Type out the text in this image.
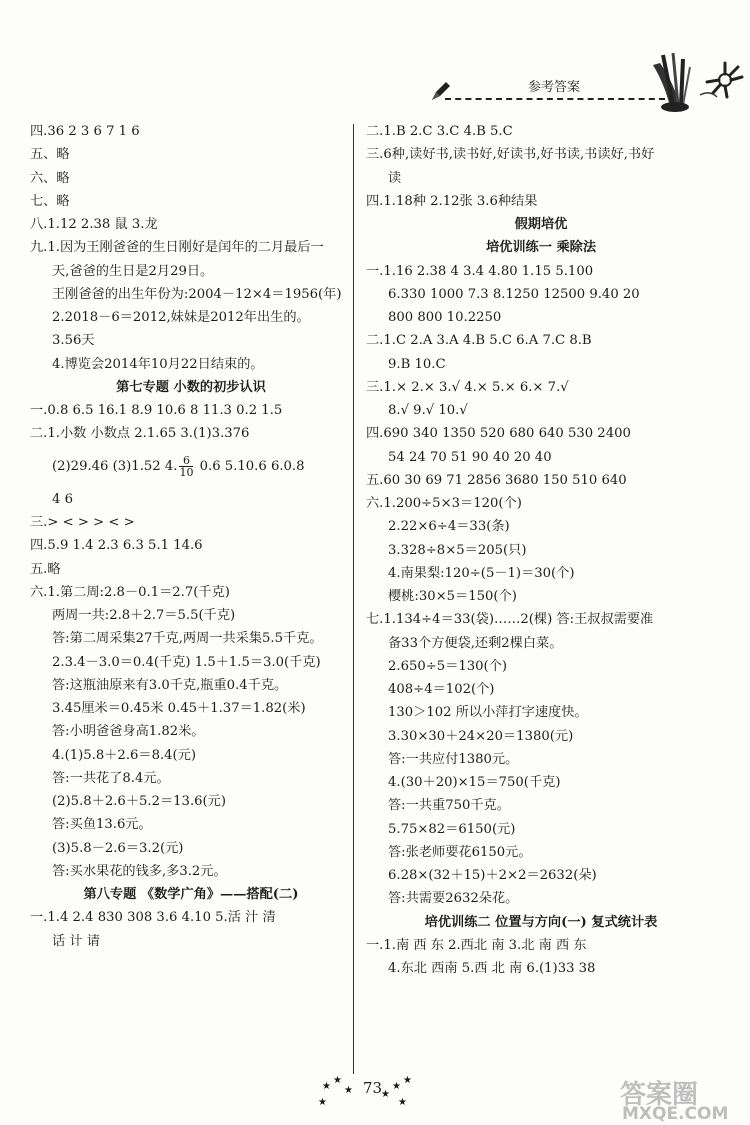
参考答案
四.36 2 3 6 7 1 6
五、略
六、略
七、略
八.1.12 2.38 鼠 3.龙
九.1.因为王刚爸爸的生日刚好是闰年的二月最后一
天,爸爸的生日是2月29日。
王刚爸爸的出生年份为:2004－12×4＝1956(年)
2.2018－6＝2012,妹妹是2012年出生的。
3.56天
4.博览会2014年10月22日结束的。
第七专题 小数的初步认识
一.0.8 6.5 16.1 8.9 10.6 8 11.3 0.2 1.5
二.1.小数 小数点 2.1.65 3.(1)3.376
(2)29.46 (3)1.52 4. $\frac{6}{10} 0.6$ 5.10.6 6.0.8
4 6
三.> < > > < >
四.5.9 1.4 2.3 6.3 5.1 14.6
五.略
六.1.第二周:2.8－0.1＝2.7(千克)
两周一共:2.8＋2.7＝5.5(千克)
答:第二周采集27千克,两周一共采集5.5千克。
2.3.4－3.0＝0.4(千克) 1.5＋1.5＝3.0(千克)
答:这瓶油原来有3.0千克,瓶重0.4千克。
3.45厘米＝0.45米 0.45＋1.37＝1.82(米)
答:小明爸爸身高1.82米。
4.(1)5.8＋2.6＝8.4(元)
答:一共花了8.4元。
(2)5.8＋2.6＋5.2＝13.6(元)
答:买鱼13.6元。
(3)5.8－2.6＝3.2(元)
答:买水果花的钱多,多3.2元。
第八专题 《数学广角》——搭配(二)
一.1.4 2.4 830 308 3.6 4.10 5.活 汁 清
话 计 请
二.1.B 2.C 3.C 4.B 5.C
三.6种,读好书,读书好,好读书,好书读,书读好,书好
读
四.1.18种 2.12张 3.6种结果
假期培优
培优训练一 乘除法
一.1.16 2.38 4 3.4 4.80 1.15 5.100
6.330 1000 7.3 8.1250 12500 9.40 20
800 800 10.2250
二.1.C 2.A 3.A 4.B 5.C 6.A 7.C 8.B
9.B 10.C
三.1.× 2.× 3.√ 4.× 5.× 6.× 7.√
8.√ 9.√ 10.√
四.690 340 1350 520 680 640 530 2400
54 24 70 51 90 40 20 40
五.60 30 69 71 2856 3680 150 510 640
六.1.200÷5×3＝120(个)
2.22×6÷4＝33(条)
3.328÷8×5＝205(只)
4.南果梨:120÷(5－1)＝30(个)
樱桃:30×5＝150(个)
七.1.134÷4＝33(袋)……2(棵) 答:王叔叔需要准
备33个方便袋,还剩2棵白菜。
2.650÷5＝130(个)
408÷4＝102(个)
130＞102 所以小萍打字速度快。
3.30×30＋24×20＝1380(元)
答:一共应付1380元。
4.(30＋20)×15＝750(千克)
答:一共重750千克。
5.75×82＝6150(元)
答:张老师要花6150元。
6.28×(32＋15)＋2×2＝2632(朵)
答:共需要2632朵花。
培优训练二 位置与方向(一) 复式统计表
一.1.南 西 东 2.西北 南 3.北 南 西 东
4.东北 西南 5.西 北 南 6.(1)33 38
★
★
★
★
73 ★
★
★
★	答案圈
MXQE.COM
